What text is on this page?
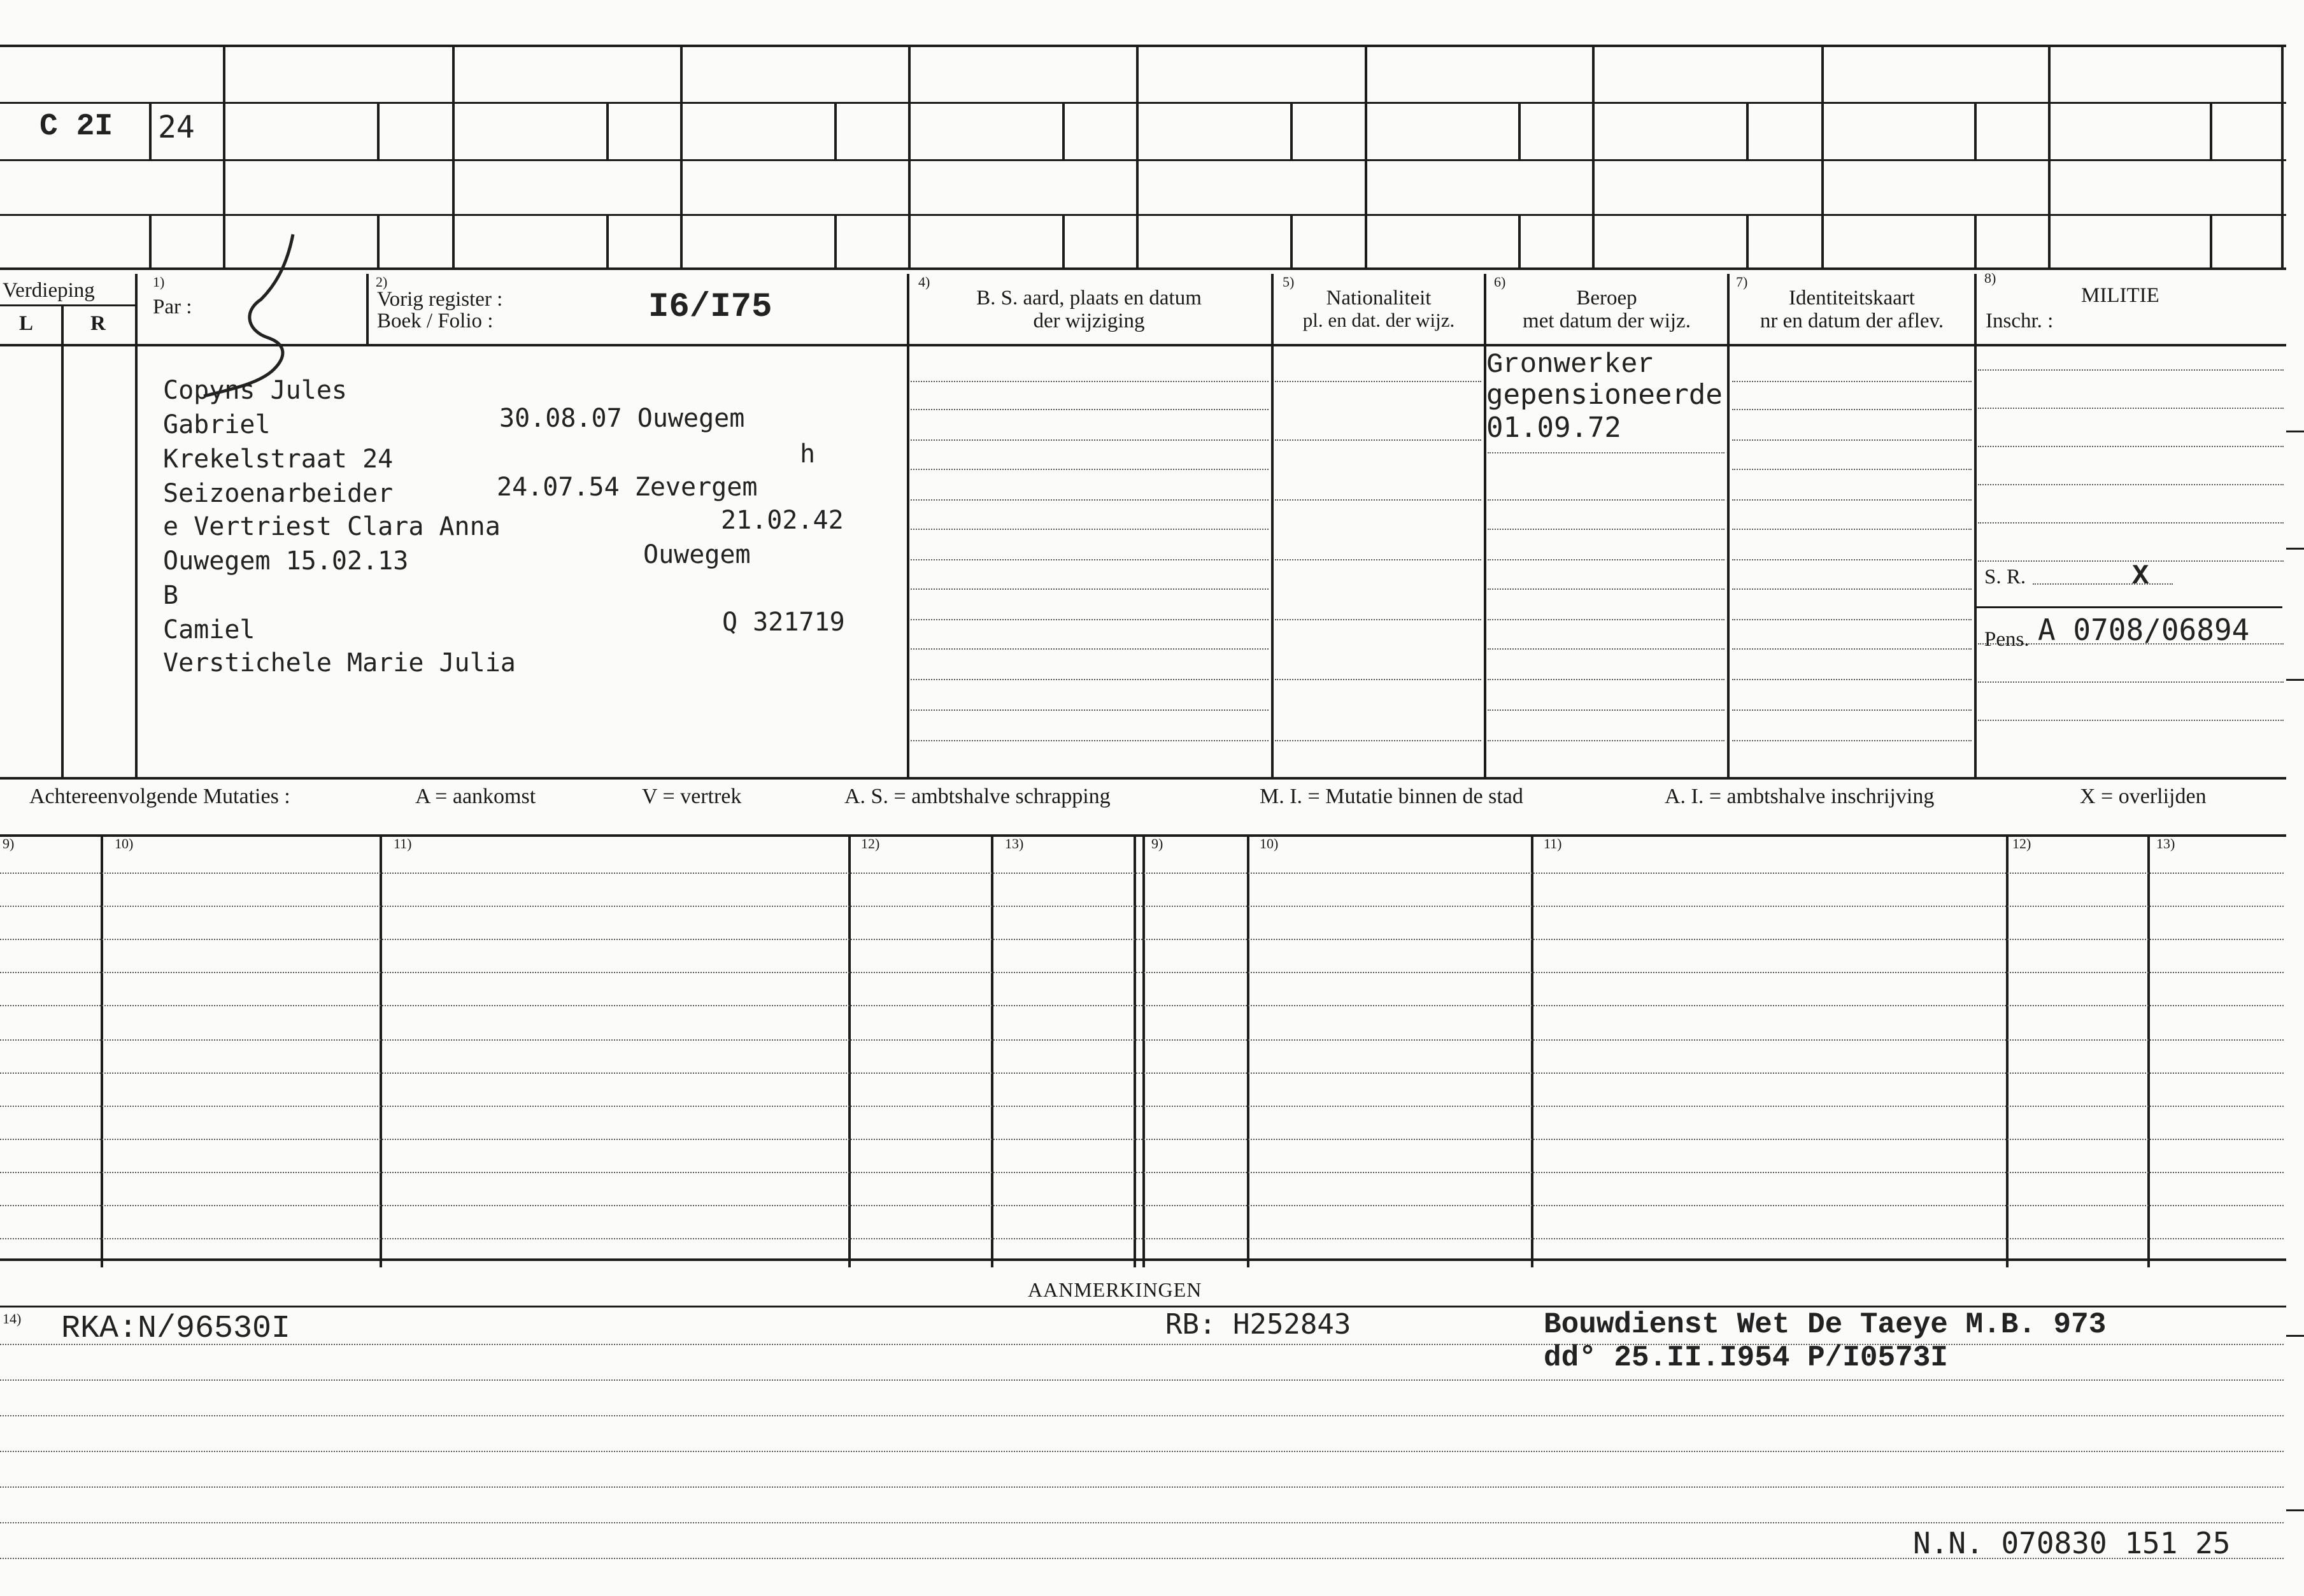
C 2I 24
Verdieping
L	R
1)
Par :
2)
Vorig register :
Boek / Folio :	I6/I75
4)
B. S. aard, plaats en datum
der wijziging
5)
Nationaliteit
pl. en dat. der wijz.
6)
Beroep
met datum der wijz.
7)
Identiteitskaart
nr en datum der aflev.
8)
MILITIE
Inschr. :
S. R.	X
Pens. A 0708/06894
Copyns Jules
Gabriel	30.08.07 Ouwegem
Krekelstraat 24	h
Seizoenarbeider	24.07.54 Zevergem
e Vertriest Clara Anna	21.02.42
Ouwegem 15.02.13	Ouwegem
B
Camiel	Q 321719
Verstichele Marie Julia
Gronwerker
gepensioneerde
01.09.72
Achtereenvolgende Mutaties :	A = aankomst	V = vertrek	A. S. = ambtshalve schrapping	M. I. = Mutatie binnen de stad	A. I. = ambtshalve inschrijving	X = overlijden
9)	10)	11)	12)	13)	9)	10)	11)	12)	13)
AANMERKINGEN
14) RKA:N/96530I	RB: H252843	Bouwdienst Wet De Taeye M.B. 973
dd° 25.II.I954 P/I0573I
N.N. 070830 151 25
